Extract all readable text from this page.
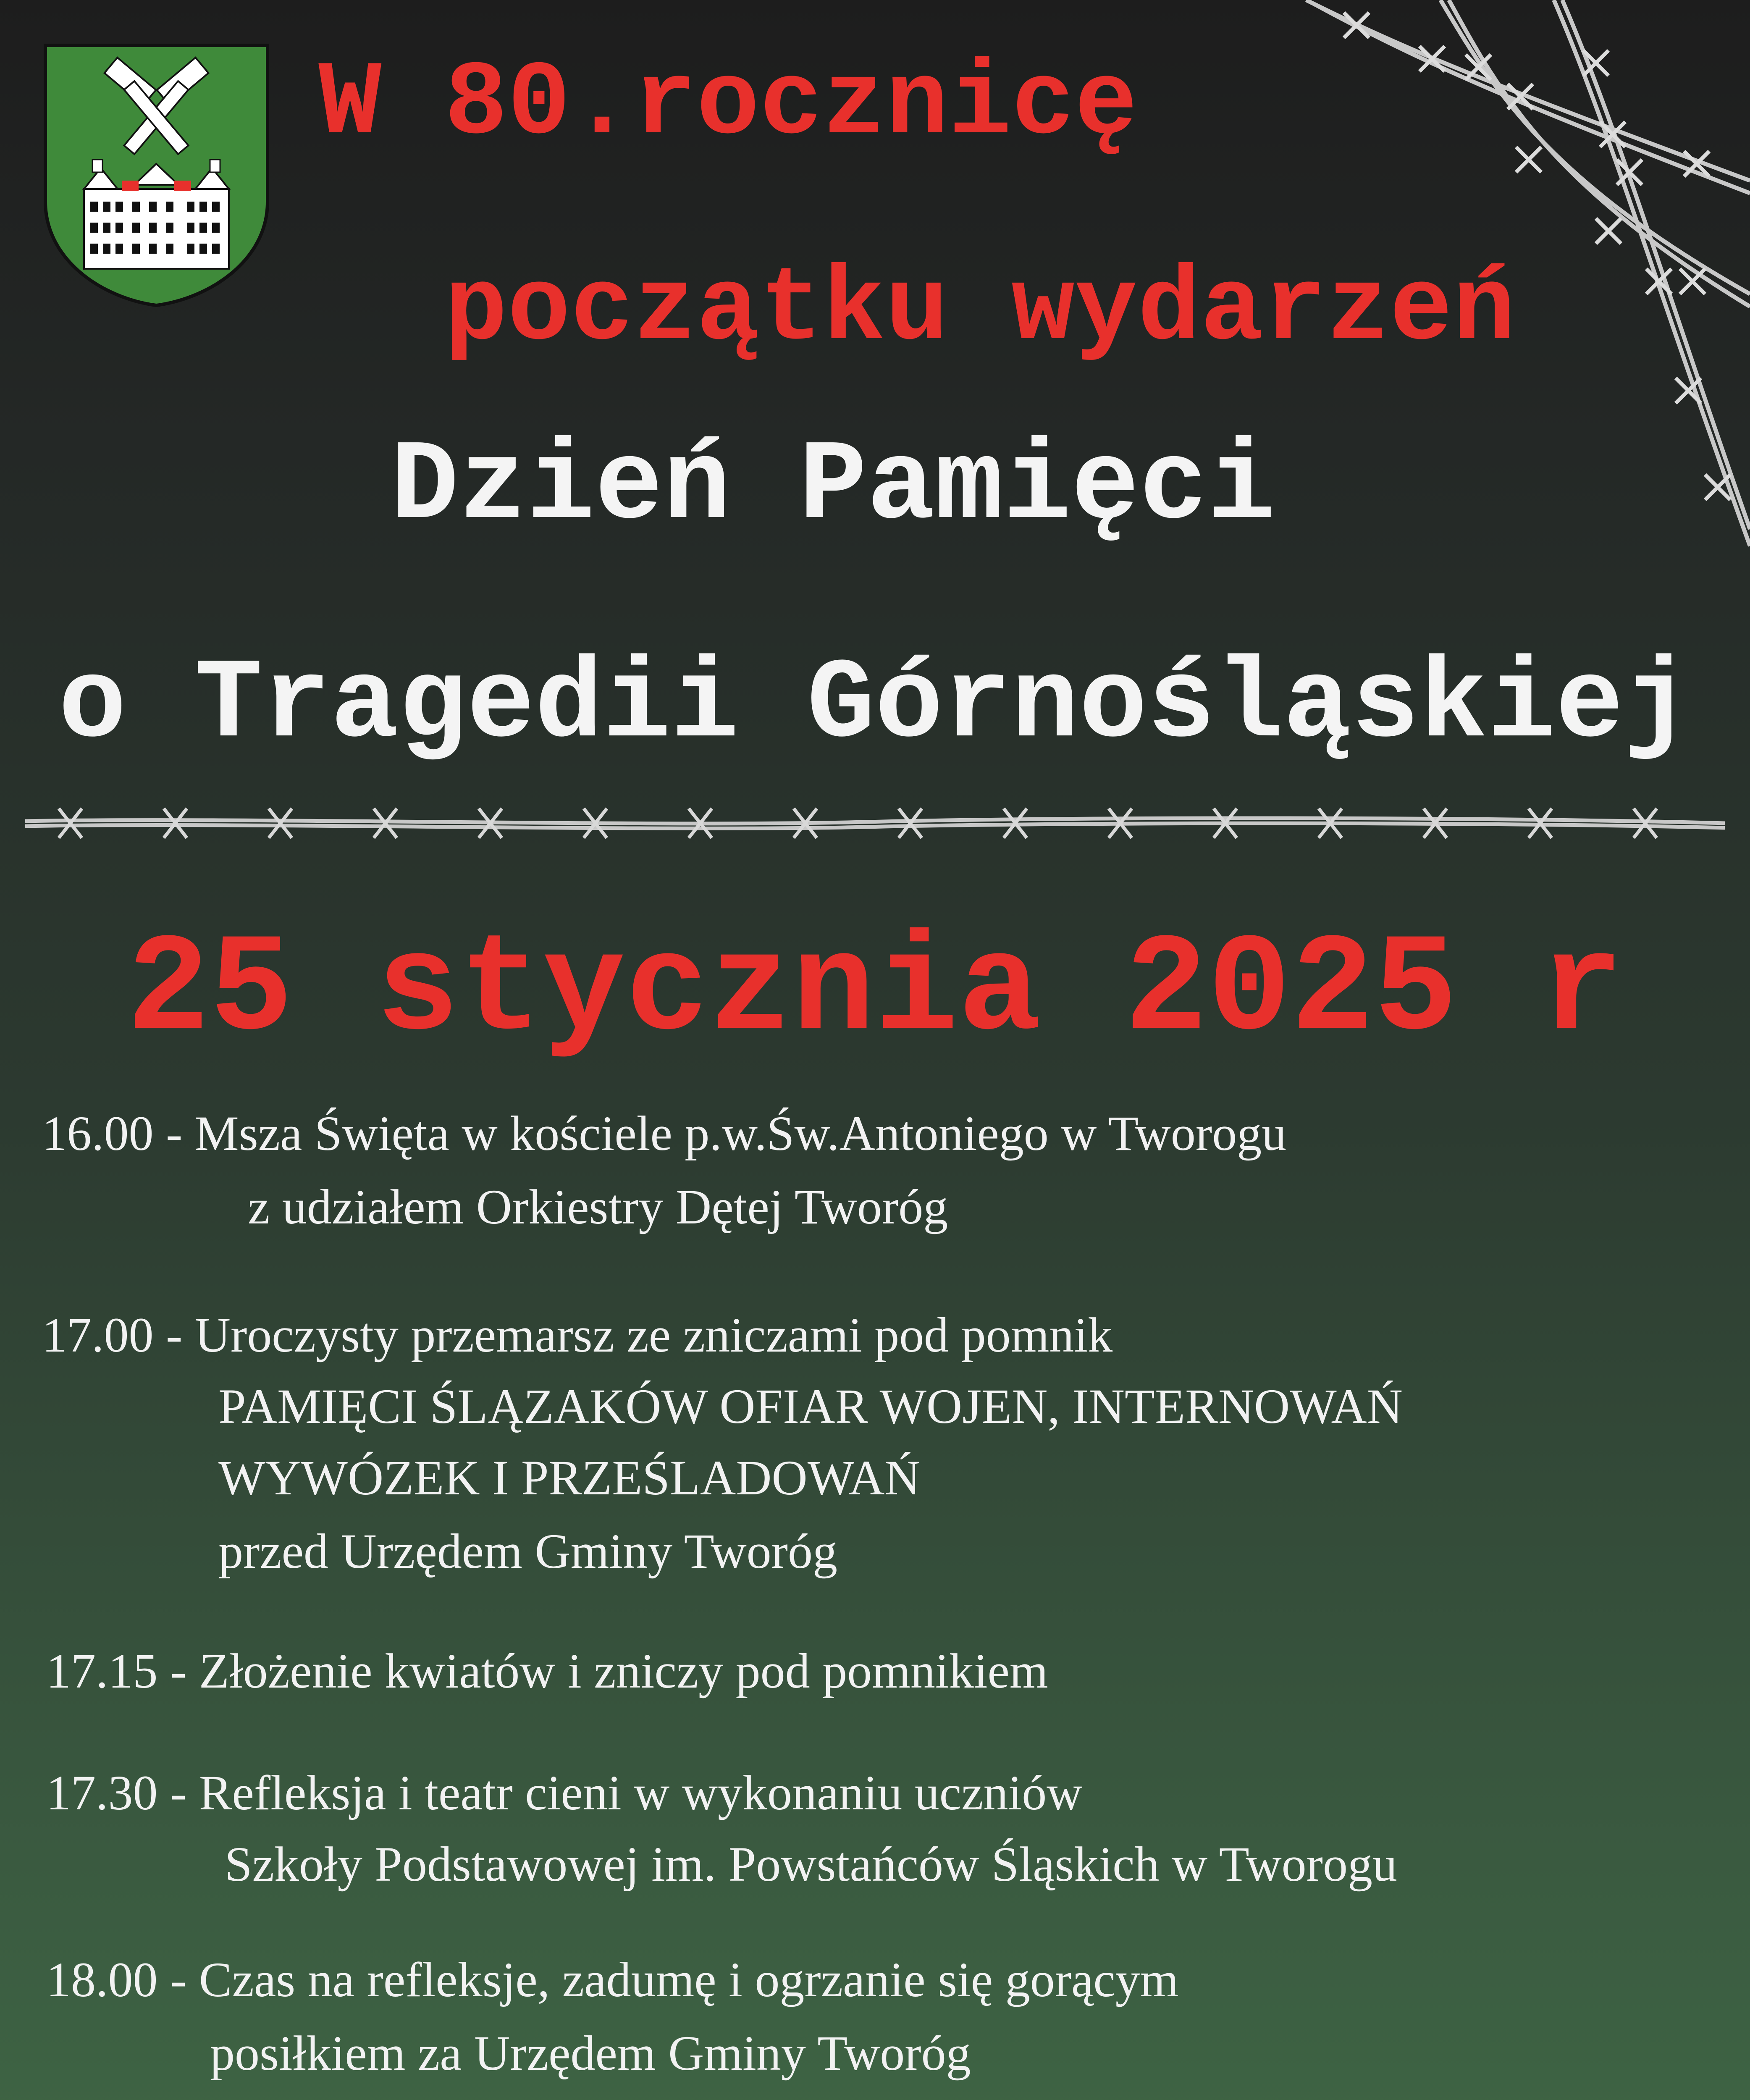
W 80.rocznicę
początku wydarzeń
Dzień Pamięci
o Tragedii Górnośląskiej
25 stycznia 2025 r
16.00 - Msza Święta w kościele p.w.Św.Antoniego w Tworogu
z udziałem Orkiestry Dętej Tworóg
17.00 - Uroczysty przemarsz ze zniczami pod pomnik
PAMIĘCI ŚLĄZAKÓW OFIAR WOJEN, INTERNOWAŃ
WYWÓZEK I PRZEŚLADOWAŃ
przed Urzędem Gminy Tworóg
17.15 - Złożenie kwiatów i zniczy pod pomnikiem
17.30 - Refleksja i teatr cieni w wykonaniu uczniów
Szkoły Podstawowej im. Powstańców Śląskich w Tworogu
18.00 - Czas na refleksje, zadumę i ogrzanie się gorącym
posiłkiem za Urzędem Gminy Tworóg
